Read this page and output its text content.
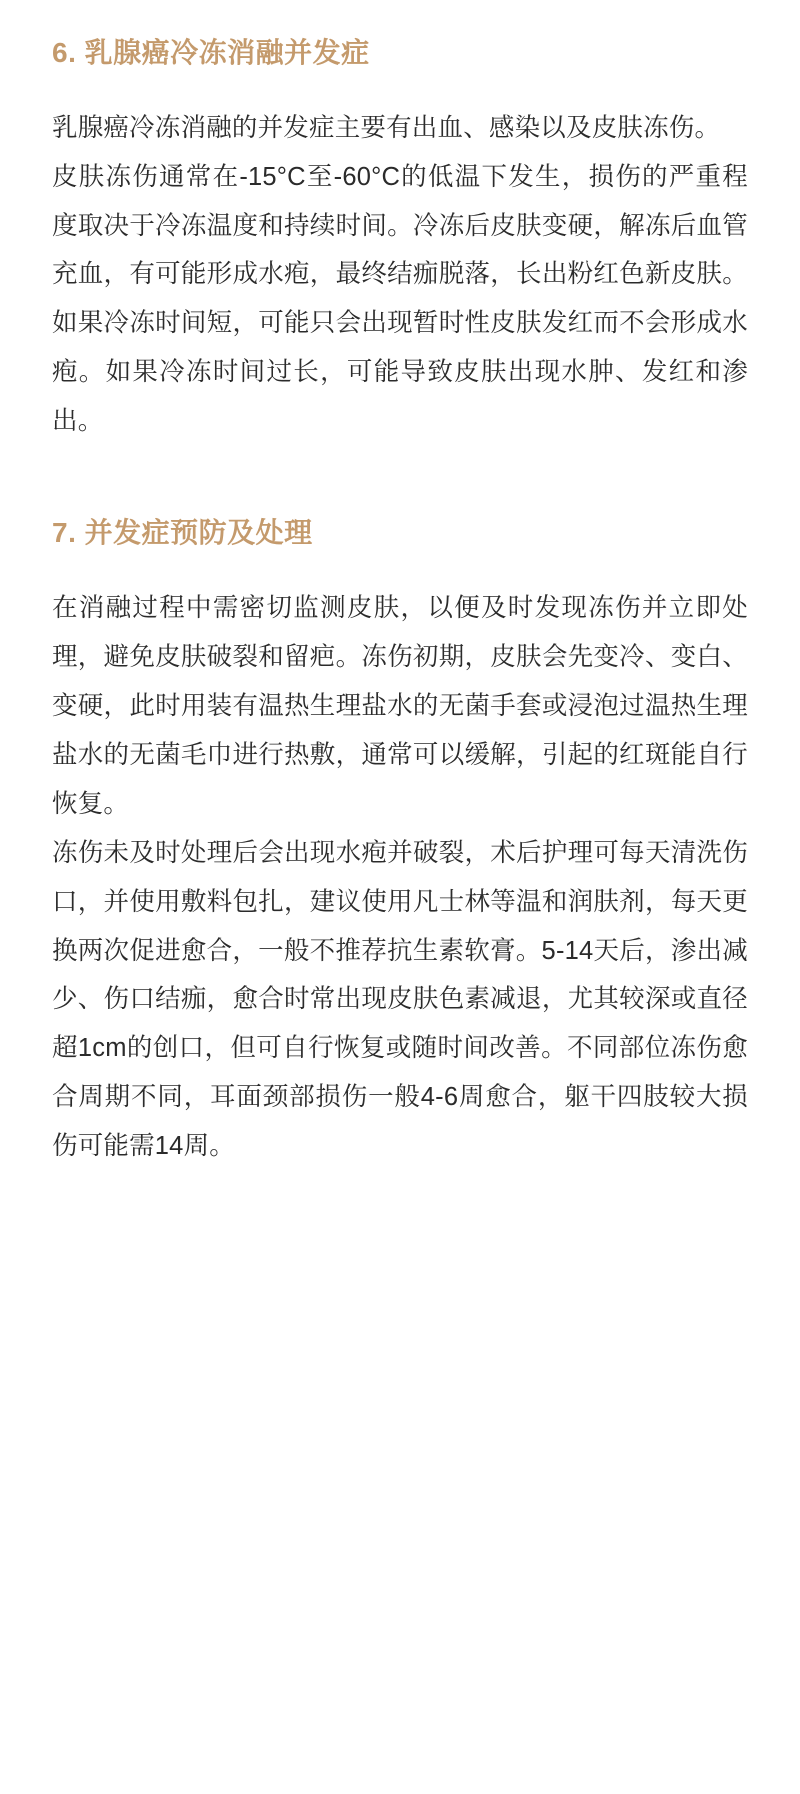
6. 乳腺癌冷冻消融并发症

乳腺癌冷冻消融的并发症主要有出血、感染以及皮肤冻伤。

皮肤冻伤通常在-15°C至-60°C的低温下发生，损伤的严重程度取决于冷冻温度和持续时间。冷冻后皮肤变硬，解冻后血管充血，有可能形成水疱，最终结痂脱落，长出粉红色新皮肤。如果冷冻时间短，可能只会出现暂时性皮肤发红而不会形成水疱。如果冷冻时间过长，可能导致皮肤出现水肿、发红和渗出。

7. 并发症预防及处理

在消融过程中需密切监测皮肤，以便及时发现冻伤并立即处理，避免皮肤破裂和留疤。冻伤初期，皮肤会先变冷、变白、变硬，此时用装有温热生理盐水的无菌手套或浸泡过温热生理盐水的无菌毛巾进行热敷，通常可以缓解，引起的红斑能自行恢复。

冻伤未及时处理后会出现水疱并破裂，术后护理可每天清洗伤口，并使用敷料包扎，建议使用凡士林等温和润肤剂，每天更换两次促进愈合，一般不推荐抗生素软膏。5-14天后，渗出减少、伤口结痂，愈合时常出现皮肤色素减退，尤其较深或直径超1cm的创口，但可自行恢复或随时间改善。不同部位冻伤愈合周期不同，耳面颈部损伤一般4-6周愈合，躯干四肢较大损伤可能需14周。
